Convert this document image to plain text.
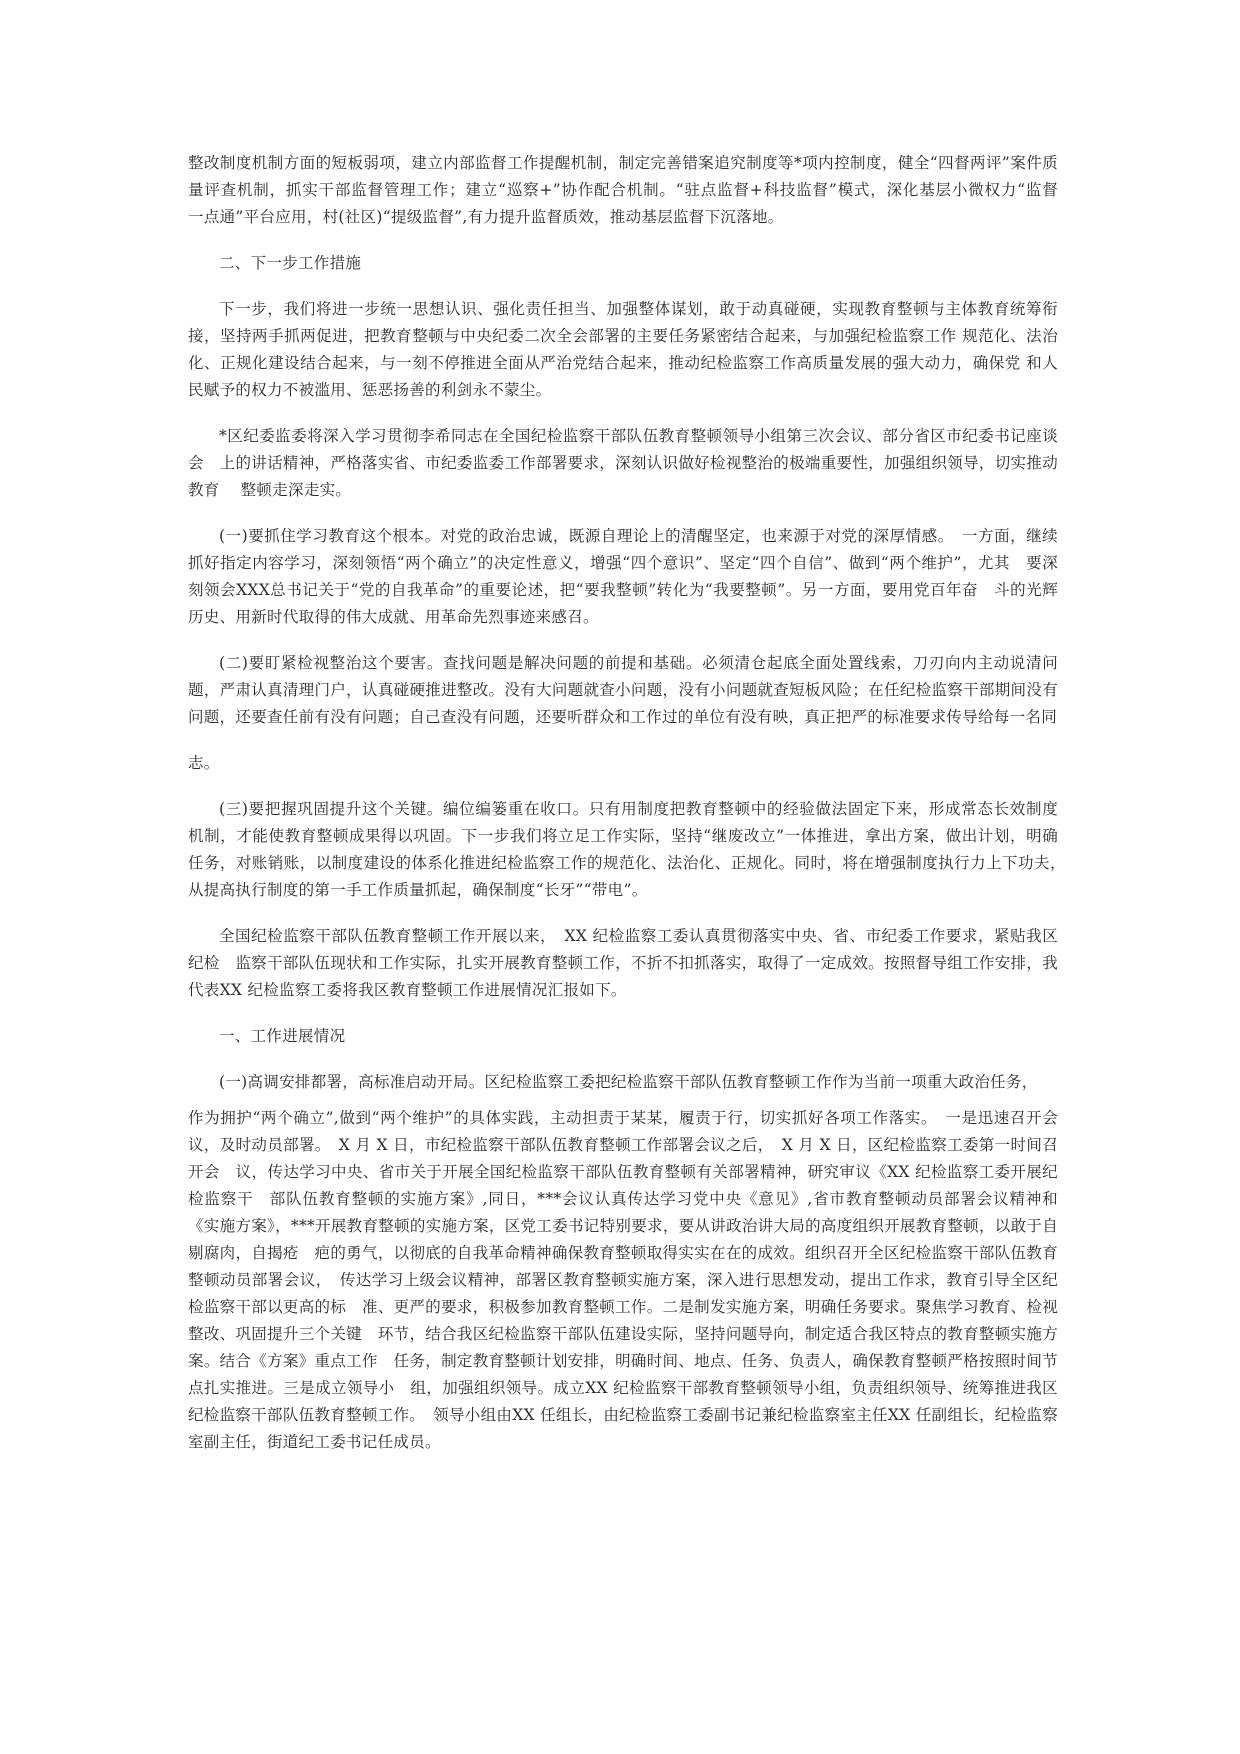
整改制度机制方面的短板弱项，建立内部监督工作提醒机制，制定完善错案追究制度等*项内控制度，健全“四督两评”案件质　量评查机制，抓实干部监督管理工作；建立“巡察+”协作配合机制。“驻点监督+科技监督”模式，深化基层小微权力“监督　一点通”平台应用，村(社区)“提级监督”,有力提升监督质效，推动基层监督下沉落地。

二、下一步工作措施

下一步，我们将进一步统一思想认识、强化责任担当、加强整体谋划，敢于动真碰硬，实现教育整顿与主体教育统筹衔接，坚持两手抓两促进，把教育整顿与中央纪委二次全会部署的主要任务紧密结合起来，与加强纪检监察工作 规范化、法治化、正规化建设结合起来，与一刻不停推进全面从严治党结合起来，推动纪检监察工作高质量发展的强大动力，确保党 和人民赋予的权力不被滥用、惩恶扬善的利剑永不蒙尘。

*区纪委监委将深入学习贯彻李希同志在全国纪检监察干部队伍教育整顿领导小组第三次会议、部分省区市纪委书记座谈会　上的讲话精神，严格落实省、市纪委监委工作部署要求，深刻认识做好检视整治的极端重要性，加强组织领导，切实推动教育　 整顿走深走实。

(一)要抓住学习教育这个根本。对党的政治忠诚，既源自理论上的清醒坚定，也来源于对党的深厚情感。　一方面，继续　抓好指定内容学习，深刻领悟“两个确立”的决定性意义，增强“四个意识”、坚定“四个自信”、做到“两个维护”，尤其　要深刻领会XXX总书记关于“党的自我革命”的重要论述，把“要我整顿”转化为“我要整顿”。另一方面，要用党百年奋　斗的光辉历史、用新时代取得的伟大成就、用革命先烈事迹来感召。

(二)要盯紧检视整治这个要害。查找问题是解决问题的前提和基础。必须清仓起底全面处置线索，刀刃向内主动说清问　题，严肃认真清理门户，认真碰硬推进整改。没有大问题就查小问题，没有小问题就查短板风险；在任纪检监察干部期间没有　问题，还要查任前有没有问题；自己查没有问题，还要听群众和工作过的单位有没有映，真正把严的标准要求传导给每一名同

志。

(三)要把握巩固提升这个关键。编位编篓重在收口。只有用制度把教育整顿中的经验做法固定下来，形成常态长效制度　机制，才能使教育整顿成果得以巩固。下一步我们将立足工作实际，坚持“继废改立”一体推进，拿出方案，做出计划，明确　任务，对账销账，以制度建设的体系化推进纪检监察工作的规范化、法治化、正规化。同时，将在增强制度执行力上下功夫，　从提高执行制度的第一手工作质量抓起，确保制度“长牙”“带电”。

全国纪检监察干部队伍教育整顿工作开展以来，　XX 纪检监察工委认真贯彻落实中央、省、市纪委工作要求，紧贴我区纪检　监察干部队伍现状和工作实际，扎实开展教育整顿工作，不折不扣抓落实，取得了一定成效。按照督导组工作安排，我代表XX 纪检监察工委将我区教育整顿工作进展情况汇报如下。

一、工作进展情况

(一)高调安排都署，高标准启动开局。区纪检监察工委把纪检监察干部队伍教育整顿工作作为当前一项重大政治任务，

作为拥护“两个确立”,做到“两个维护”的具体实践，主动担责于某某，履责于行，切实抓好各项工作落实。　一是迅速召开会议，及时动员部署。　X 月 X 日，市纪检监察干部队伍教育整顿工作部署会议之后，　X 月 X 日，区纪检监察工委第一时间召开会　议，传达学习中央、省市关于开展全国纪检监察干部队伍教育整顿有关部署精神，研究审议《XX 纪检监察工委开展纪检监察干　部队伍教育整顿的实施方案》,同日，***会议认真传达学习党中央《意见》,省市教育整顿动员部署会议精神和《实施方案》，***开展教育整顿的实施方案，区党工委书记特别要求，要从讲政治讲大局的高度组织开展教育整顿，以敢于自剔腐肉，自揭疮　疤的勇气，以彻底的自我革命精神确保教育整顿取得实实在在的成效。组织召开全区纪检监察干部队伍教育整顿动员部署会议，　传达学习上级会议精神，部署区教育整顿实施方案，深入进行思想发动，提出工作求，教育引导全区纪检监察干部以更高的标　准、更严的要求，积极参加教育整顿工作。二是制发实施方案，明确任务要求。聚焦学习教育、检视整改、巩固提升三个关键　环节，结合我区纪检监察干部队伍建设实际，坚持问题导向，制定适合我区特点的教育整顿实施方案。结合《方案》重点工作　任务，制定教育整顿计划安排，明确时间、地点、任务、负责人，确保教育整顿严格按照时间节点扎实推进。三是成立领导小　组，加强组织领导。成立XX 纪检监察干部教育整顿领导小组，负责组织领导、统筹推进我区纪检监察干部队伍教育整顿工作。　领导小组由XX 任组长，由纪检监察工委副书记兼纪检监察室主任XX 任副组长，纪检监察室副主任，街道纪工委书记任成员。
